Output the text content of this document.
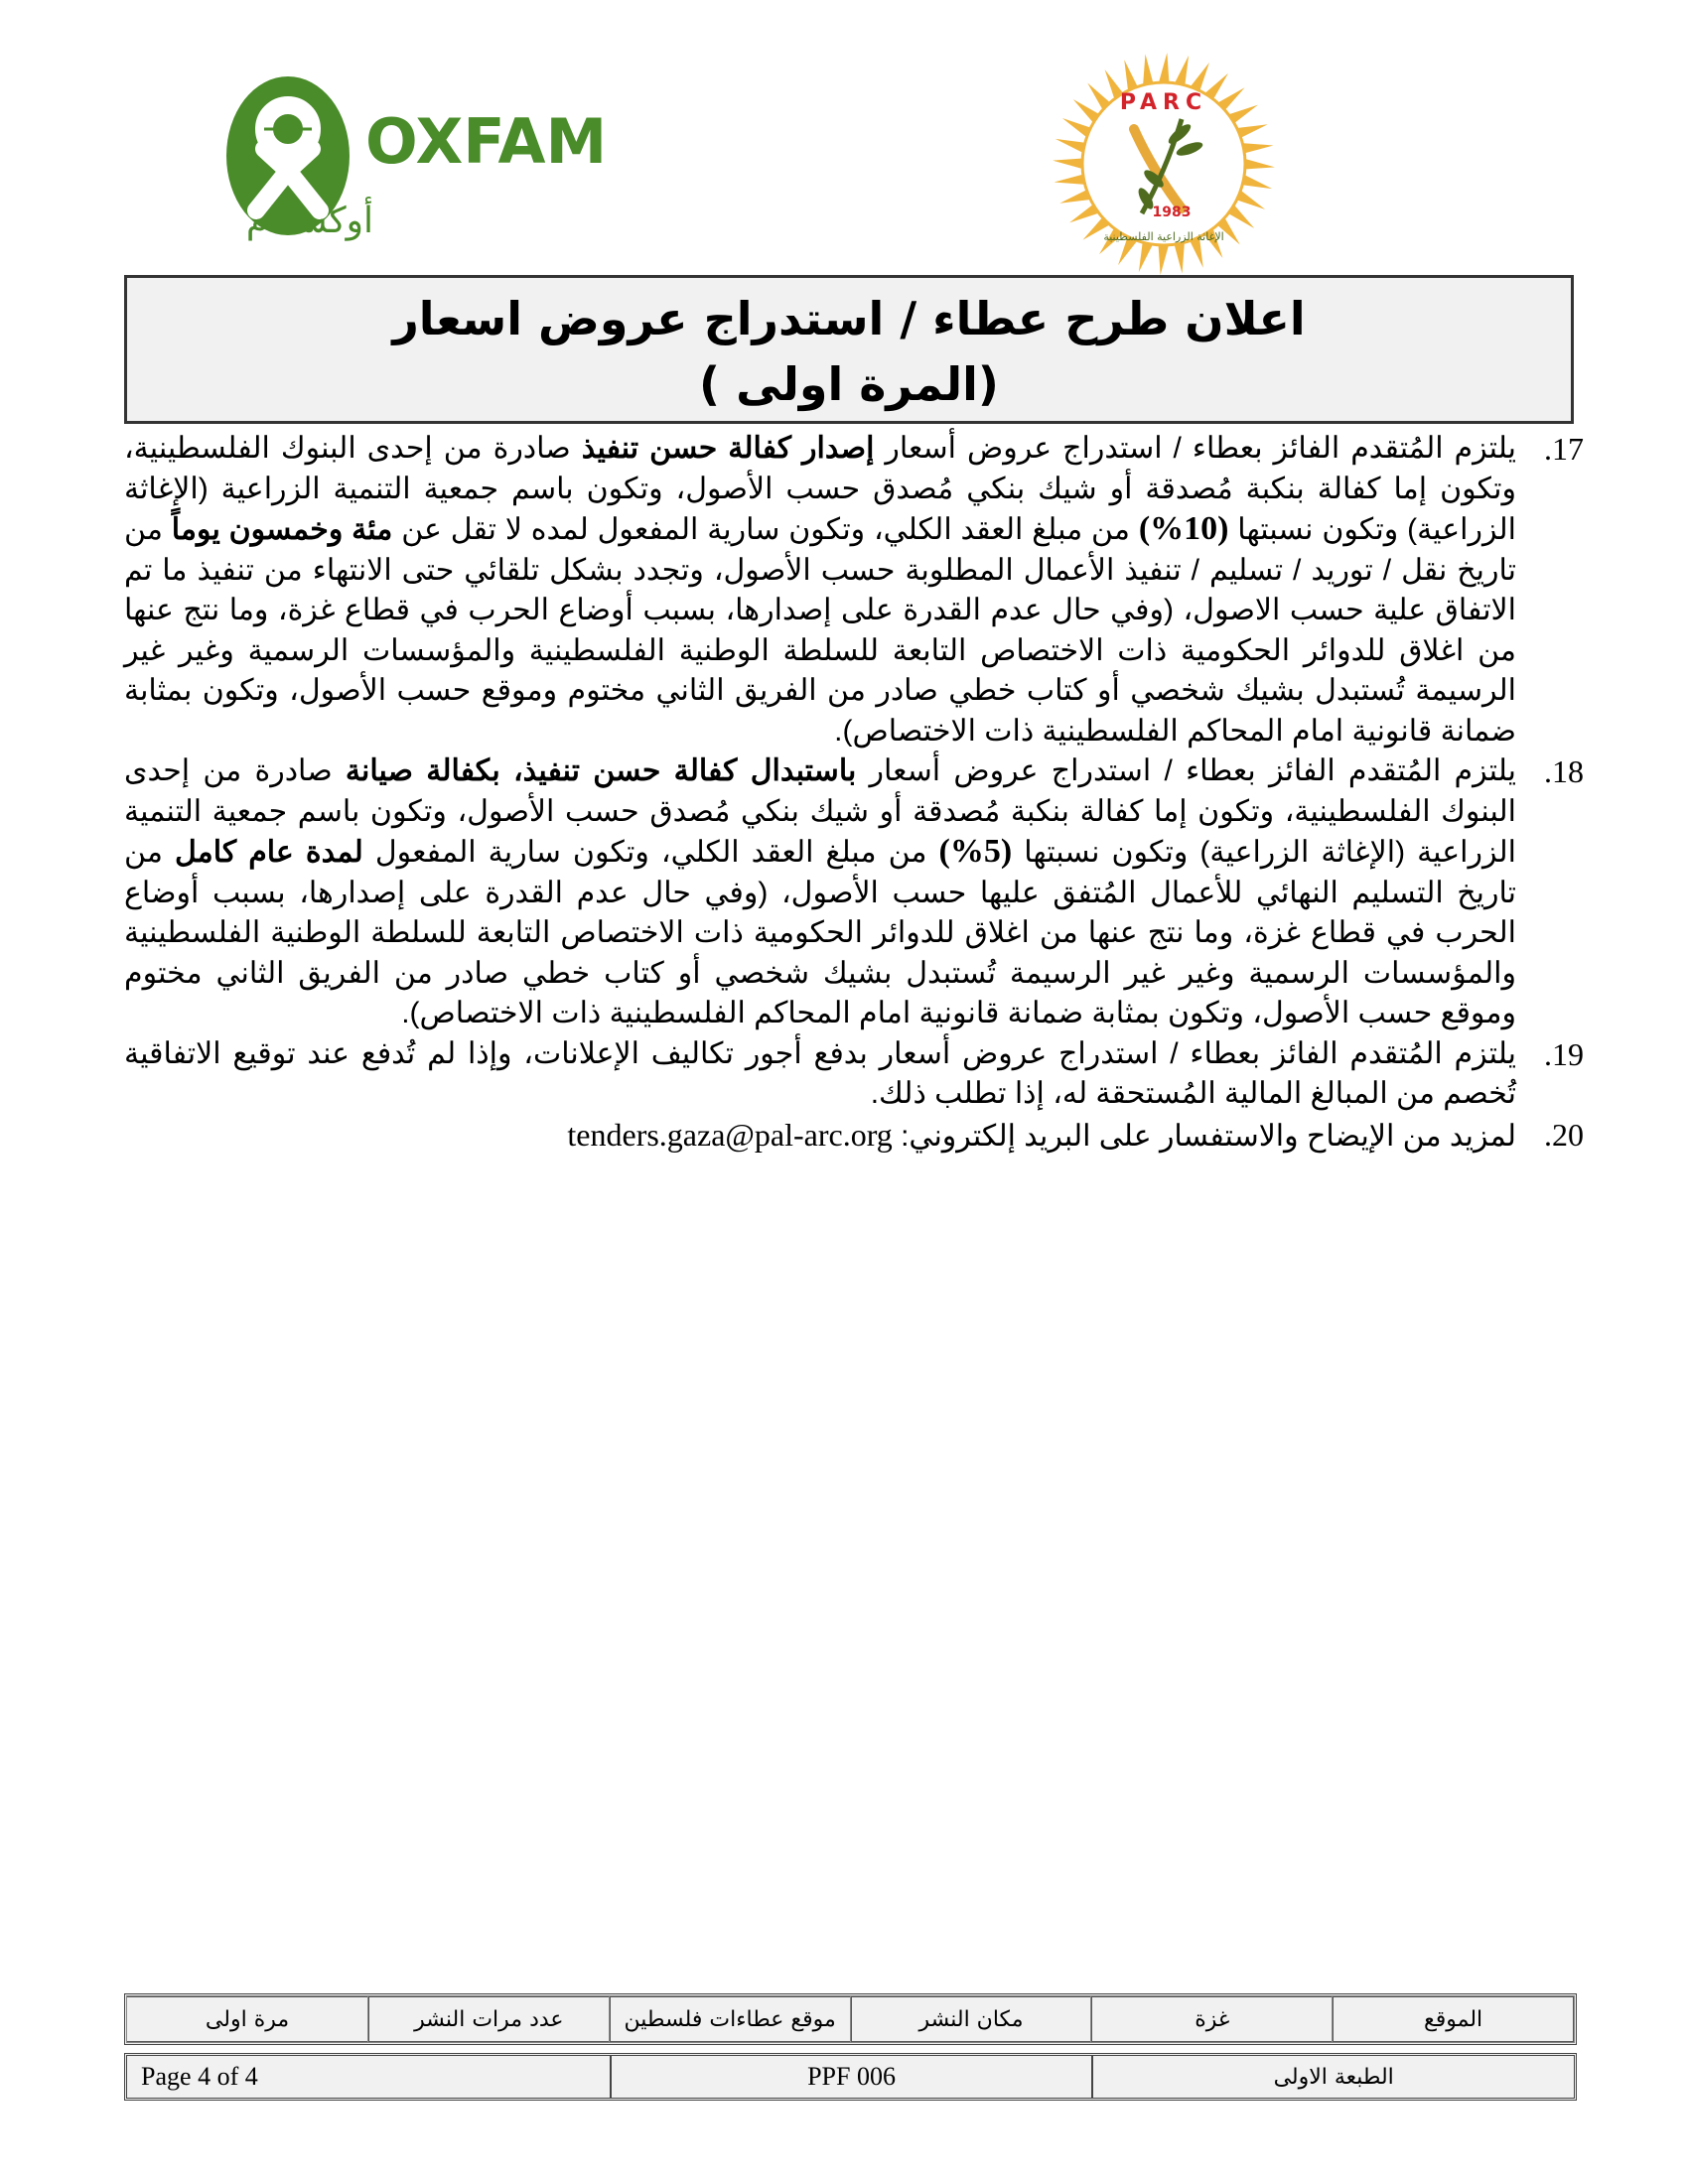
OXFAM
أوكسفام
PARC
1983
الإغاثة الزراعية الفلسطينية
اعلان طرح عطاء / استدراج عروض اسعار
(المرة اولى )
.17
يلتزم المُتقدم الفائز بعطاء / استدراج عروض أسعار إصدار كفالة حسن تنفيذ صادرة من إحدى البنوك الفلسطينية، وتكون إما كفالة بنكبة مُصدقة أو شيك بنكي مُصدق حسب الأصول، وتكون باسم جمعية التنمية الزراعية (الإغاثة الزراعية) وتكون نسبتها (10%) من مبلغ العقد الكلي، وتكون سارية المفعول لمده لا تقل عن مئة وخمسون يوماً من تاريخ نقل / توريد / تسليم / تنفيذ الأعمال المطلوبة حسب الأصول، وتجدد بشكل تلقائي حتى الانتهاء من تنفيذ ما تم الاتفاق علية حسب الاصول، (وفي حال عدم القدرة على إصدارها، بسبب أوضاع الحرب في قطاع غزة، وما نتج عنها من اغلاق للدوائر الحكومية ذات الاختصاص التابعة للسلطة الوطنية الفلسطينية والمؤسسات الرسمية وغير غير الرسيمة تُستبدل بشيك شخصي أو كتاب خطي صادر من الفريق الثاني مختوم وموقع حسب الأصول، وتكون بمثابة ضمانة قانونية امام المحاكم الفلسطينية ذات الاختصاص).
.18
يلتزم المُتقدم الفائز بعطاء / استدراج عروض أسعار باستبدال كفالة حسن تنفيذ، بكفالة صيانة صادرة من إحدى البنوك الفلسطينية، وتكون إما كفالة بنكبة مُصدقة أو شيك بنكي مُصدق حسب الأصول، وتكون باسم جمعية التنمية الزراعية (الإغاثة الزراعية) وتكون نسبتها (5%) من مبلغ العقد الكلي، وتكون سارية المفعول لمدة عام كامل من تاريخ التسليم النهائي للأعمال المُتفق عليها حسب الأصول، (وفي حال عدم القدرة على إصدارها، بسبب أوضاع الحرب في قطاع غزة، وما نتج عنها من اغلاق للدوائر الحكومية ذات الاختصاص التابعة للسلطة الوطنية الفلسطينية والمؤسسات الرسمية وغير غير الرسيمة تُستبدل بشيك شخصي أو كتاب خطي صادر من الفريق الثاني مختوم وموقع حسب الأصول، وتكون بمثابة ضمانة قانونية امام المحاكم الفلسطينية ذات الاختصاص).
.19
يلتزم المُتقدم الفائز بعطاء / استدراج عروض أسعار بدفع أجور تكاليف الإعلانات، وإذا لم تُدفع عند توقيع الاتفاقية تُخصم من المبالغ المالية المُستحقة له، إذا تطلب ذلك.
.20
لمزيد من الإيضاح والاستفسار على البريد إلكتروني: tenders.gaza@pal-arc.org
الموقع
غزة
مكان النشر
موقع عطاءات فلسطين
عدد مرات النشر
مرة اولى
الطبعة الاولى
PPF 006
Page 4 of 4
